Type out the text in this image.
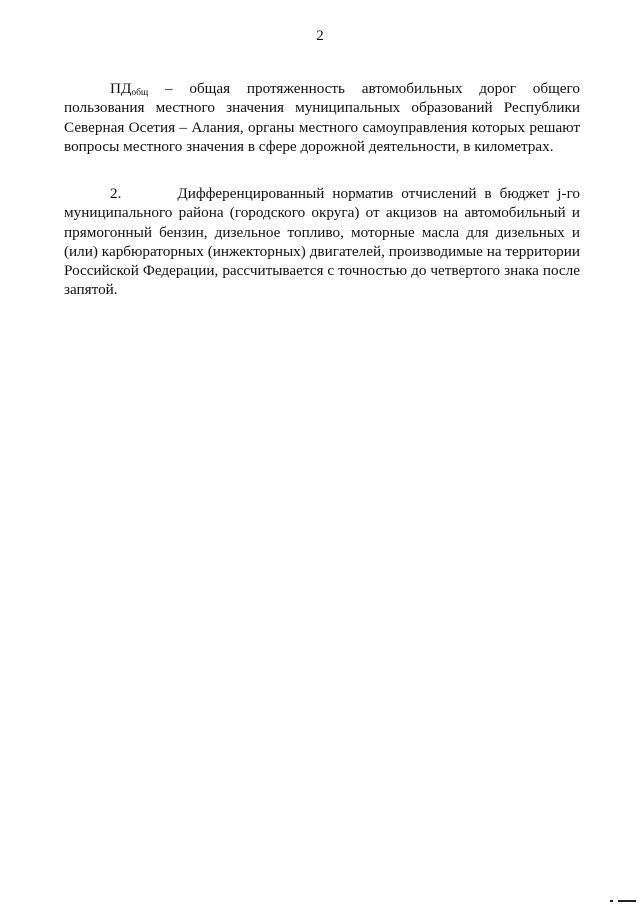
2

$ПД_{общ}$ – общая протяженность автомобильных дорог общего пользования местного значения муниципальных образований Республики Северная Осетия – Алания, органы местного самоуправления которых решают вопросы местного значения в сфере дорожной деятельности, в километрах.

2.	Дифференцированный норматив отчислений в бюджет j-го муниципального района (городского округа) от акцизов на автомобильный и прямогонный бензин, дизельное топливо, моторные масла для дизельных и (или) карбюраторных (инжекторных) двигателей, производимые на территории Российской Федерации, рассчитывается с точностью до четвертого знака после запятой.
